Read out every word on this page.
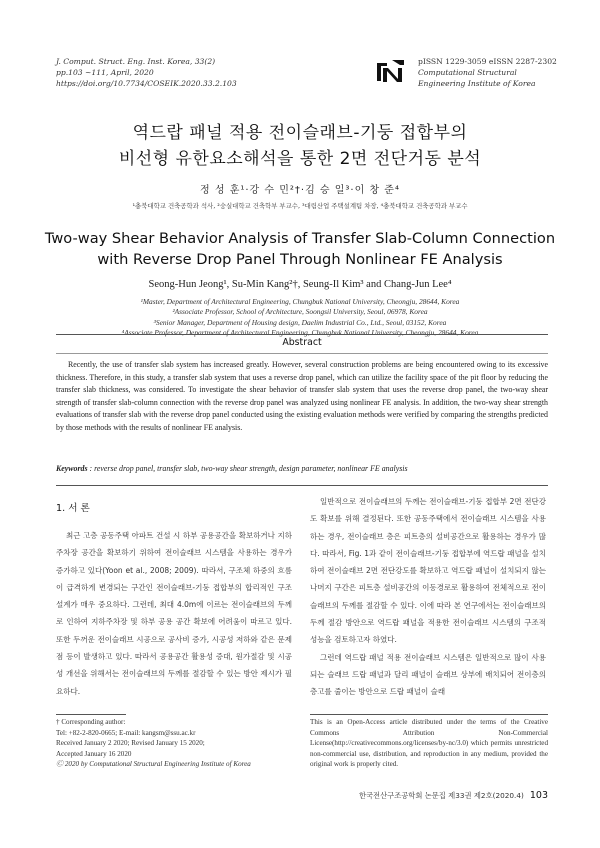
J. Comput. Struct. Eng. Inst. Korea, 33(2)
pp.103 ~111, April, 2020
https://doi.org/10.7734/COSEIK.2020.33.2.103
pISSN 1229-3059 eISSN 2287-2302
Computational Structural
Engineering Institute of Korea
역드랍 패널 적용 전이슬래브-기둥 접합부의
비선형 유한요소해석을 통한 2면 전단거동 분석
정 성 훈¹·강 수 민²†·김 승 일³·이 창 준⁴
¹충북대학교 건축공학과 석사, ²숭실대학교 건축학부 부교수, ³대림산업 주택설계팀 차장, ⁴충북대학교 건축공학과 부교수
Two-way Shear Behavior Analysis of Transfer Slab-Column Connection
with Reverse Drop Panel Through Nonlinear FE Analysis
Seong-Hun Jeong¹, Su-Min Kang²†, Seung-Il Kim³ and Chang-Jun Lee⁴
¹Master, Department of Architectural Engineering, Chungbuk National University, Cheongju, 28644, Korea
²Associate Professor, School of Architecture, Soongsil University, Seoul, 06978, Korea
³Senior Manager, Department of Housing design, Daelim Industrial Co., Ltd., Seoul, 03152, Korea
⁴Associate Professor, Department of Architectural Engineering, Chungbuk National University, Cheongju, 28644, Korea
Abstract
Recently, the use of transfer slab system has increased greatly. However, several construction problems are being encountered owing to its excessive thickness. Therefore, in this study, a transfer slab system that uses a reverse drop panel, which can utilize the facility space of the pit floor by reducing the transfer slab thickness, was considered. To investigate the shear behavior of transfer slab system that uses the reverse drop panel, the two-way shear strength of transfer slab-column connection with the reverse drop panel was analyzed using nonlinear FE analysis. In addition, the two-way shear strength evaluations of transfer slab with the reverse drop panel conducted using the existing evaluation methods were verified by comparing the strengths predicted by those methods with the results of nonlinear FE analysis.
Keywords : reverse drop panel, transfer slab, two-way shear strength, design parameter, nonlinear FE analysis
1. 서 론

최근 고층 공동주택 아파트 건설 시 하부 공용공간을 확보하거나 지하주차장 공간을 확보하기 위하여 전이슬래브 시스템을 사용하는 경우가 증가하고 있다(Yoon et al., 2008; 2009). 따라서, 구조체 하중의 흐름이 급격하게 변경되는 구간인 전이슬래브-기둥 접합부의 합리적인 구조설계가 매우 중요하다. 그런데, 최대 4.0m에 이르는 전이슬래브의 두께로 인하여 지하주차장 및 하부 공용 공간 확보에 어려움이 따르고 있다. 또한 두꺼운 전이슬래브 시공으로 공사비 증가, 시공성 저하와 같은 문제점 등이 발생하고 있다. 따라서 공용공간 활용성 증대, 원가절감 및 시공성 개선을 위해서는 전이슬래브의 두께를 절감할 수 있는 방안 제시가 필요하다.

일반적으로 전이슬래브의 두께는 전이슬래브-기둥 접합부 2면 전단강도 확보를 위해 결정된다. 또한 공동주택에서 전이슬래브 시스템을 사용하는 경우, 전이슬래브 층은 피트층의 설비공간으로 활용하는 경우가 많다. 따라서, Fig. 1과 같이 전이슬래브-기둥 접합부에 역드랍 패널을 설치하여 전이슬래브 2면 전단강도를 확보하고 역드랍 패널이 설치되지 않는 나머지 구간은 피트층 설비공간의 이동경로로 활용하여 전체적으로 전이슬래브의 두께를 절감할 수 있다. 이에 따라 본 연구에서는 전이슬래브의 두께 절감 방안으로 역드랍 패널을 적용한 전이슬래브 시스템의 구조적 성능을 검토하고자 하였다.

그런데 역드랍 패널 적용 전이슬래브 시스템은 일반적으로 많이 사용되는 슬래브 드랍 패널과 달리 패널이 슬래브 상부에 배치되어 전이층의 층고를 줄이는 방안으로 드랍 패널이 슬래

† Corresponding author:
Tel: +82-2-820-0665; E-mail: kangsm@ssu.ac.kr
Received January 2 2020; Revised January 15 2020;
Accepted January 16 2020
Ⓒ 2020 by Computational Structural Engineering Institute of Korea
This is an Open-Access article distributed under the terms of the Creative Commons Attribution Non-Commercial License(http://creativecommons.org/licenses/by-nc/3.0) which permits unrestricted non-commercial use, distribution, and reproduction in any medium, provided the original work is properly cited.
한국전산구조공학회 논문집 제33권 제2호(2020.4) 103
